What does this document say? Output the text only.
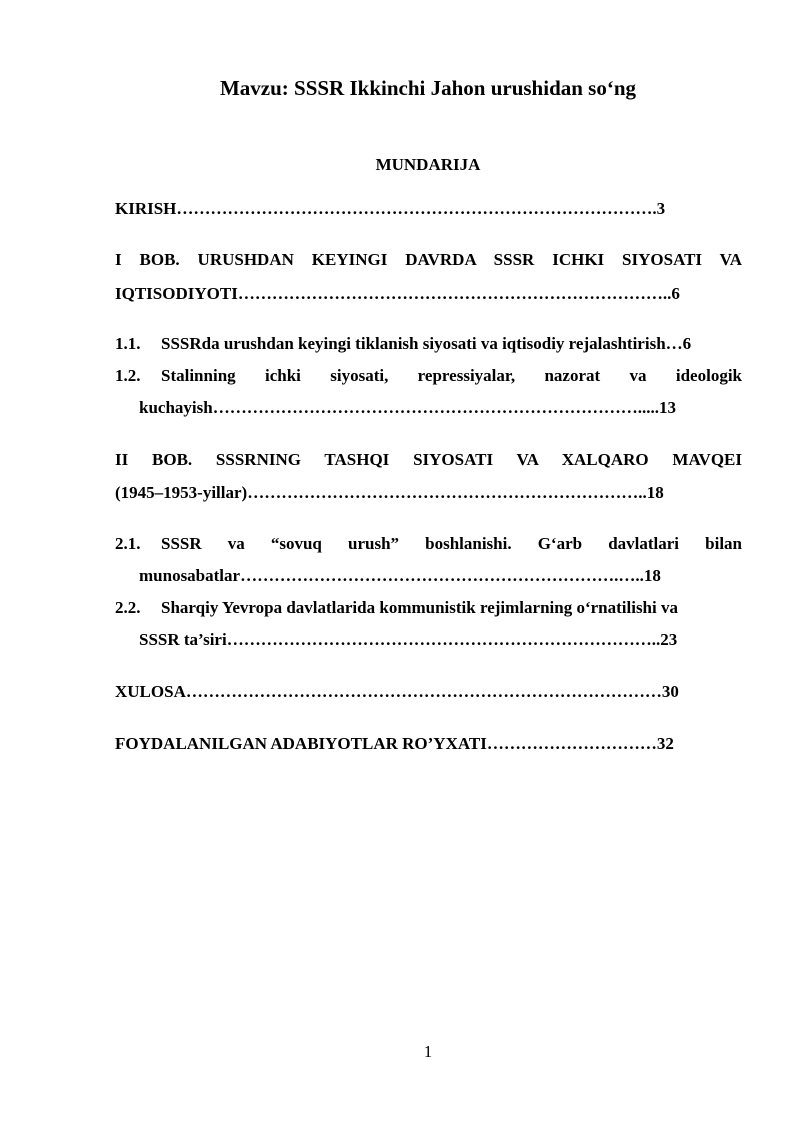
Mavzu: SSSR Ikkinchi Jahon urushidan so‘ng
MUNDARIJA
KIRISH………………………………………………………………………….3
I BOB. URUSHDAN KEYINGI DAVRDA SSSR ICHKI SIYOSATI VA
IQTISODIYOTI…………………………………………………………………..6
1.1.	SSSRda urushdan keyingi tiklanish siyosati va iqtisodiy rejalashtirish…6
1.2.	Stalinning ichki siyosati, repressiyalar, nazorat va ideologik
kuchayish………………………………………………………………….....13
II BOB. SSSRNING TASHQI SIYOSATI VA XALQARO MAVQEI
(1945–1953-yillar)……………………………………………………………..18
2.1.	SSSR va “sovuq urush” boshlanishi. G‘arb davlatlari bilan
munosabatlar………………………………………………………….…..18
2.2.	Sharqiy Yevropa davlatlarida kommunistik rejimlarning o‘rnatilishi va
SSSR ta’siri…………………………………………………………………..23
XULOSA…………………………………………………………………………30
FOYDALANILGAN ADABIYOTLAR RO’YXATI…………………………32
1
